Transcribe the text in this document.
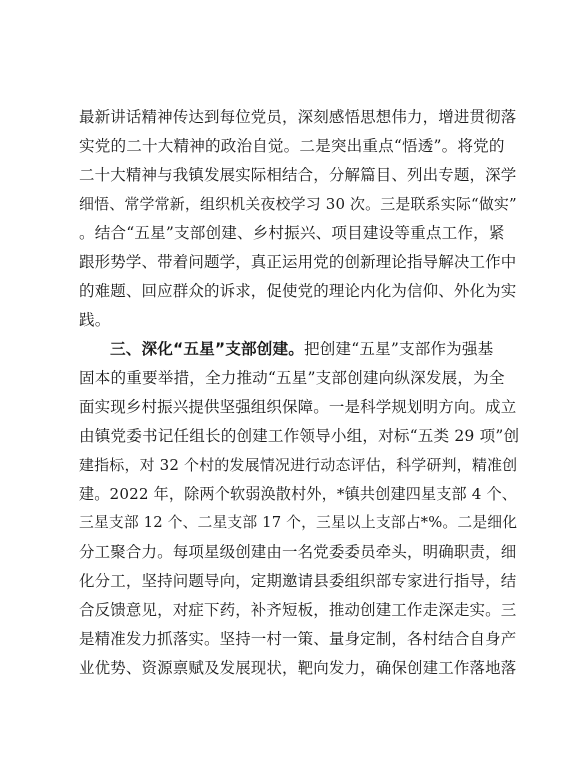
最新讲话精神传达到每位党员，深刻感悟思想伟力，增进贯彻落
实党的二十大精神的政治自觉。二是突出重点“悟透”。将党的
二十大精神与我镇发展实际相结合，分解篇目、列出专题，深学
细悟、常学常新，组织机关夜校学习 30 次。三是联系实际“做实”
。结合“五星”支部创建、乡村振兴、项目建设等重点工作，紧
跟形势学、带着问题学，真正运用党的创新理论指导解决工作中
的难题、回应群众的诉求，促使党的理论内化为信仰、外化为实
践。
三、深化“五星”支部创建。把创建“五星”支部作为强基
固本的重要举措，全力推动“五星”支部创建向纵深发展，为全
面实现乡村振兴提供坚强组织保障。一是科学规划明方向。成立
由镇党委书记任组长的创建工作领导小组，对标“五类 29 项”创
建指标，对 32 个村的发展情况进行动态评估，科学研判，精准创
建。2022 年，除两个软弱涣散村外，*镇共创建四星支部 4 个、
三星支部 12 个、二星支部 17 个，三星以上支部占*%。二是细化
分工聚合力。每项星级创建由一名党委委员牵头，明确职责，细
化分工，坚持问题导向，定期邀请县委组织部专家进行指导，结
合反馈意见，对症下药，补齐短板，推动创建工作走深走实。三
是精准发力抓落实。坚持一村一策、量身定制，各村结合自身产
业优势、资源禀赋及发展现状，靶向发力，确保创建工作落地落
